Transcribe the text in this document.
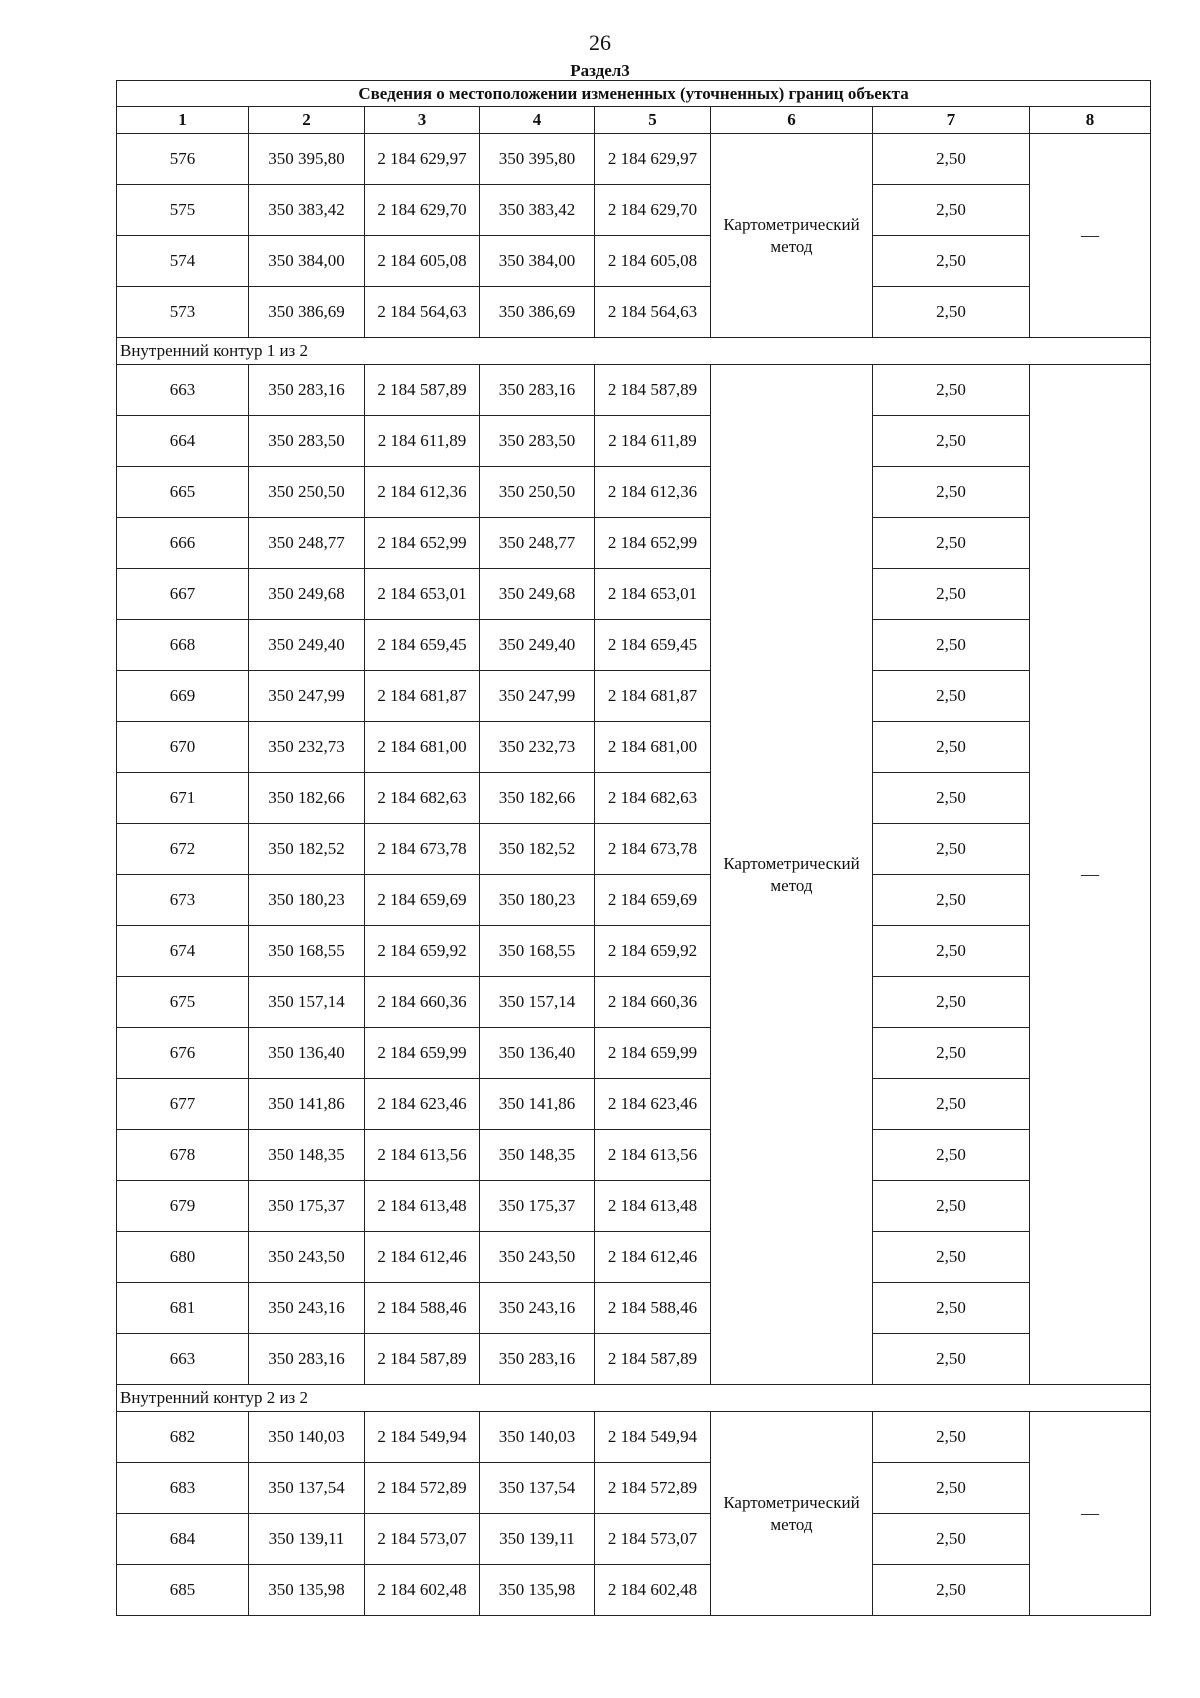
26
Раздел3
Сведения о местоположении измененных (уточненных) границ объекта							
1	2	3	4	5	6	7	8
576	350 395,80	2 184 629,97	350 395,80	2 184 629,97	Картометрический метод	2,50	—
575	350 383,42	2 184 629,70	350 383,42	2 184 629,70		2,50	
574	350 384,00	2 184 605,08	350 384,00	2 184 605,08		2,50	
573	350 386,69	2 184 564,63	350 386,69	2 184 564,63		2,50	
Внутренний контур 1 из 2							
663	350 283,16	2 184 587,89	350 283,16	2 184 587,89	Картометрический метод	2,50	—
664	350 283,50	2 184 611,89	350 283,50	2 184 611,89		2,50	
665	350 250,50	2 184 612,36	350 250,50	2 184 612,36		2,50	
666	350 248,77	2 184 652,99	350 248,77	2 184 652,99		2,50	
667	350 249,68	2 184 653,01	350 249,68	2 184 653,01		2,50	
668	350 249,40	2 184 659,45	350 249,40	2 184 659,45		2,50	
669	350 247,99	2 184 681,87	350 247,99	2 184 681,87		2,50	
670	350 232,73	2 184 681,00	350 232,73	2 184 681,00		2,50	
671	350 182,66	2 184 682,63	350 182,66	2 184 682,63		2,50	
672	350 182,52	2 184 673,78	350 182,52	2 184 673,78		2,50	
673	350 180,23	2 184 659,69	350 180,23	2 184 659,69		2,50	
674	350 168,55	2 184 659,92	350 168,55	2 184 659,92		2,50	
675	350 157,14	2 184 660,36	350 157,14	2 184 660,36		2,50	
676	350 136,40	2 184 659,99	350 136,40	2 184 659,99		2,50	
677	350 141,86	2 184 623,46	350 141,86	2 184 623,46		2,50	
678	350 148,35	2 184 613,56	350 148,35	2 184 613,56		2,50	
679	350 175,37	2 184 613,48	350 175,37	2 184 613,48		2,50	
680	350 243,50	2 184 612,46	350 243,50	2 184 612,46		2,50	
681	350 243,16	2 184 588,46	350 243,16	2 184 588,46		2,50	
663	350 283,16	2 184 587,89	350 283,16	2 184 587,89		2,50	
Внутренний контур 2 из 2							
682	350 140,03	2 184 549,94	350 140,03	2 184 549,94	Картометрический метод	2,50	—
683	350 137,54	2 184 572,89	350 137,54	2 184 572,89		2,50	
684	350 139,11	2 184 573,07	350 139,11	2 184 573,07		2,50	
685	350 135,98	2 184 602,48	350 135,98	2 184 602,48		2,50	
